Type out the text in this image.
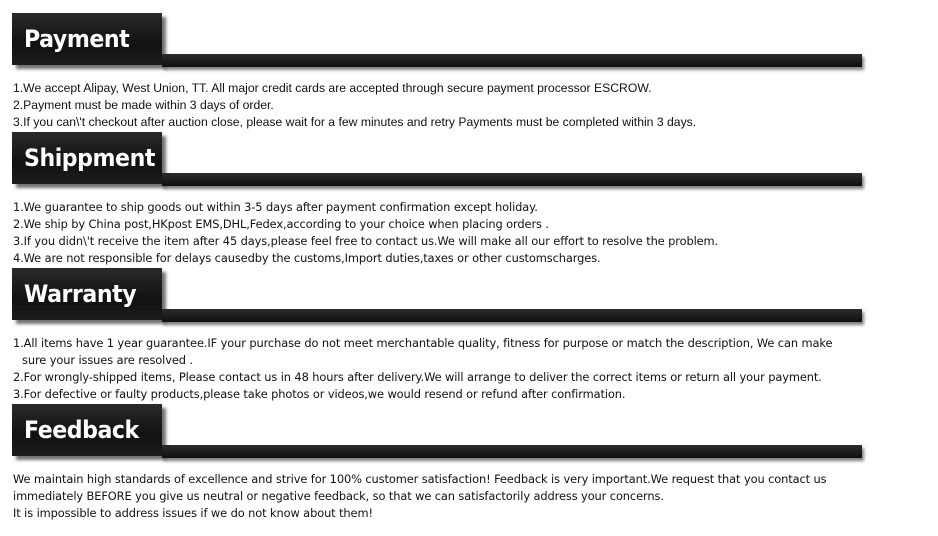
Payment
1.We accept Alipay, West Union, TT. All major credit cards are accepted through secure payment processor ESCROW.
2.Payment must be made within 3 days of order.
3.If you can\'t checkout after auction close, please wait for a few minutes and retry Payments must be completed within 3 days.
Shippment
1.We guarantee to ship goods out within 3-5 days after payment confirmation except holiday.
2.We ship by China post,HKpost EMS,DHL,Fedex,according to your choice when placing orders .
3.If you didn\'t receive the item after 45 days,please feel free to contact us.We will make all our effort to resolve the problem.
4.We are not responsible for delays causedby the customs,Import duties,taxes or other customscharges.
Warranty
1.All items have 1 year guarantee.IF your purchase do not meet merchantable quality, fitness for purpose or match the description, We can make
sure your issues are resolved .
2.For wrongly-shipped items, Please contact us in 48 hours after delivery.We will arrange to deliver the correct items or return all your payment.
3.For defective or faulty products,please take photos or videos,we would resend or refund after confirmation.
Feedback
We maintain high standards of excellence and strive for 100% customer satisfaction! Feedback is very important.We request that you contact us
immediately BEFORE you give us neutral or negative feedback, so that we can satisfactorily address your concerns.
It is impossible to address issues if we do not know about them!
